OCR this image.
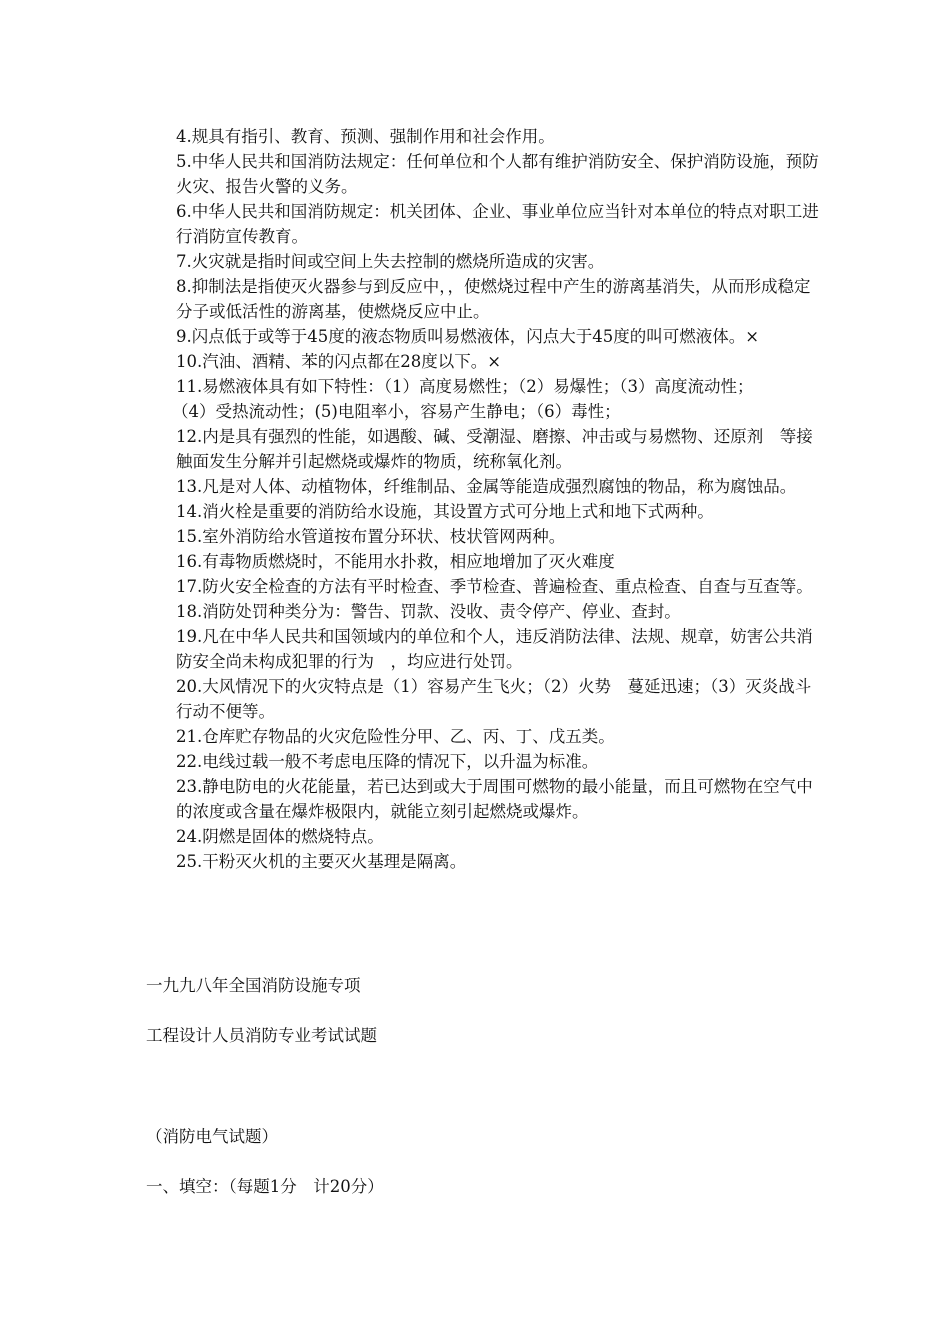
4.规具有指引、教育、预测、强制作用和社会作用。

5.中华人民共和国消防法规定：任何单位和个人都有维护消防安全、保护消防设施，预防火灾、报告火警的义务。

6.中华人民共和国消防规定：机关团体、企业、事业单位应当针对本单位的特点对职工进行消防宣传教育。

7.火灾就是指时间或空间上失去控制的燃烧所造成的灾害。

8.抑制法是指使灭火器参与到反应中，，使燃烧过程中产生的游离基消失，从而形成稳定分子或低活性的游离基，使燃烧反应中止。

9.闪点低于或等于45度的液态物质叫易燃液体，闪点大于45度的叫可燃液体。×

10.汽油、酒精、苯的闪点都在28度以下。×

11.易燃液体具有如下特性：（1）高度易燃性；（2）易爆性；（3）高度流动性；

（4）受热流动性；(5)电阻率小，容易产生静电；（6）毒性；

12.内是具有强烈的性能，如遇酸、碱、受潮湿、磨擦、冲击或与易燃物、还原剂　等接触面发生分解并引起燃烧或爆炸的物质，统称氧化剂。

13.凡是对人体、动植物体，纤维制品、金属等能造成强烈腐蚀的物品，称为腐蚀品。

14.消火栓是重要的消防给水设施，其设置方式可分地上式和地下式两种。

15.室外消防给水管道按布置分环状、枝状管网两种。

16.有毒物质燃烧时，不能用水扑救，相应地增加了灭火难度

17.防火安全检查的方法有平时检查、季节检查、普遍检查、重点检查、自查与互查等。

18.消防处罚种类分为：警告、罚款、没收、责令停产、停业、查封。

19.凡在中华人民共和国领域内的单位和个人，违反消防法律、法规、规章，妨害公共消防安全尚未构成犯罪的行为　，均应进行处罚。

20.大风情况下的火灾特点是（1）容易产生飞火；（2）火势　蔓延迅速；（3）灭炎战斗行动不便等。

21.仓库贮存物品的火灾危险性分甲、乙、丙、丁、戊五类。

22.电线过载一般不考虑电压降的情况下，以升温为标准。

23.静电防电的火花能量，若已达到或大于周围可燃物的最小能量，而且可燃物在空气中的浓度或含量在爆炸极限内，就能立刻引起燃烧或爆炸。

24.阴燃是固体的燃烧特点。

25.干粉灭火机的主要灭火基理是隔离。

一九九八年全国消防设施专项
工程设计人员消防专业考试试题
（消防电气试题）
一、填空：（每题1分　计20分）
